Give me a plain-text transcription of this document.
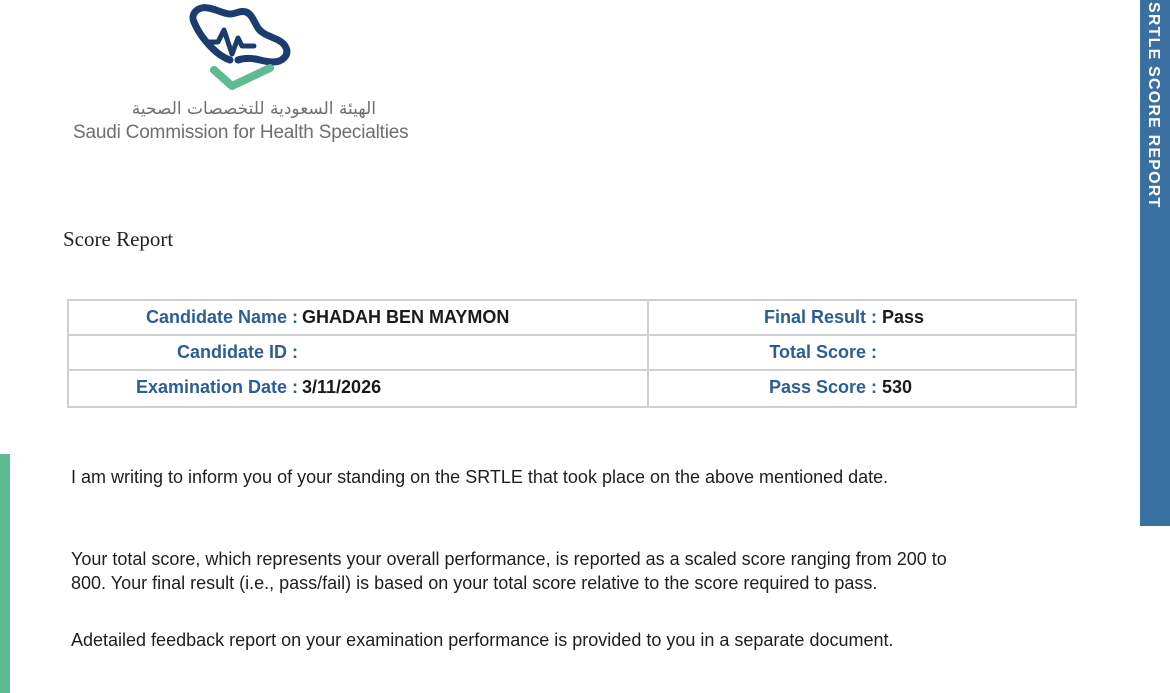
الهيئة السعودية للتخصصات الصحية
Saudi Commission for Health Specialties	SRTLE SCORE REPORT
Score Report
Candidate Name : GHADAH BEN MAYMON	Final Result : Pass
Candidate ID :	Total Score :
Examination Date : 3/11/2026	Pass Score : 530
I am writing to inform you of your standing on the SRTLE that took place on the above mentioned date.
Your total score, which represents your overall performance, is reported as a scaled score ranging from 200 to
800. Your final result (i.e., pass/fail) is based on your total score relative to the score required to pass.
Adetailed feedback report on your examination performance is provided to you in a separate document.
